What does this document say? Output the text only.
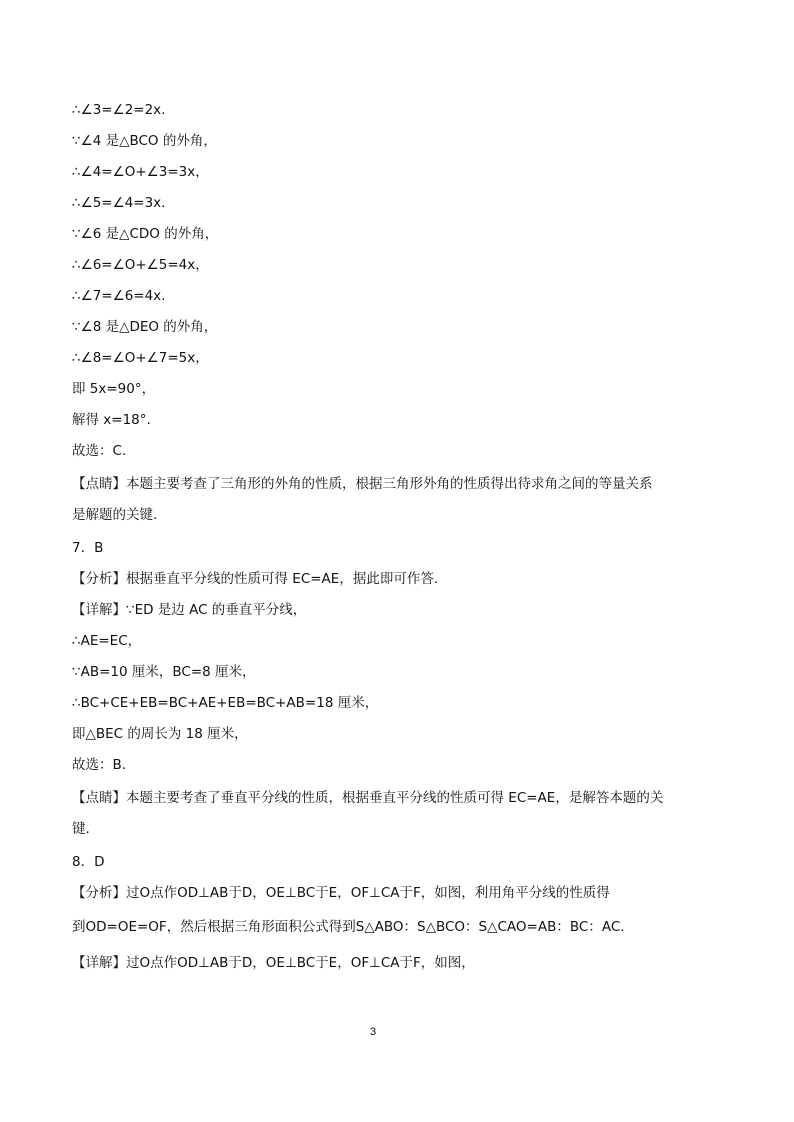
∴∠3=∠2=2x.
∵∠4 是△BCO 的外角，
∴∠4=∠O+∠3=3x，
∴∠5=∠4=3x.
∵∠6 是△CDO 的外角，
∴∠6=∠O+∠5=4x，
∴∠7=∠6=4x.
∵∠8 是△DEO 的外角，
∴∠8=∠O+∠7=5x，
即 5x=90°，
解得 x=18°.
故选：C.
【点睛】本题主要考查了三角形的外角的性质，根据三角形外角的性质得出待求角之间的等量关系
是解题的关键.
7．B
【分析】根据垂直平分线的性质可得 EC=AE，据此即可作答.
【详解】∵ED 是边 AC 的垂直平分线，
∴AE=EC，
∵AB=10 厘米，BC=8 厘米，
∴BC+CE+EB=BC+AE+EB=BC+AB=18 厘米，
即△BEC 的周长为 18 厘米，
故选：B.
【点睛】本题主要考查了垂直平分线的性质，根据垂直平分线的性质可得 EC=AE，是解答本题的关
键.
8．D
【分析】过O点作OD⊥AB于D，OE⊥BC于E，OF⊥CA于F，如图，利用角平分线的性质得
到OD=OE=OF，然后根据三角形面积公式得到S△ABO：S△BCO：S△CAO=AB：BC：AC.
【详解】过O点作OD⊥AB于D，OE⊥BC于E，OF⊥CA于F，如图，
3
